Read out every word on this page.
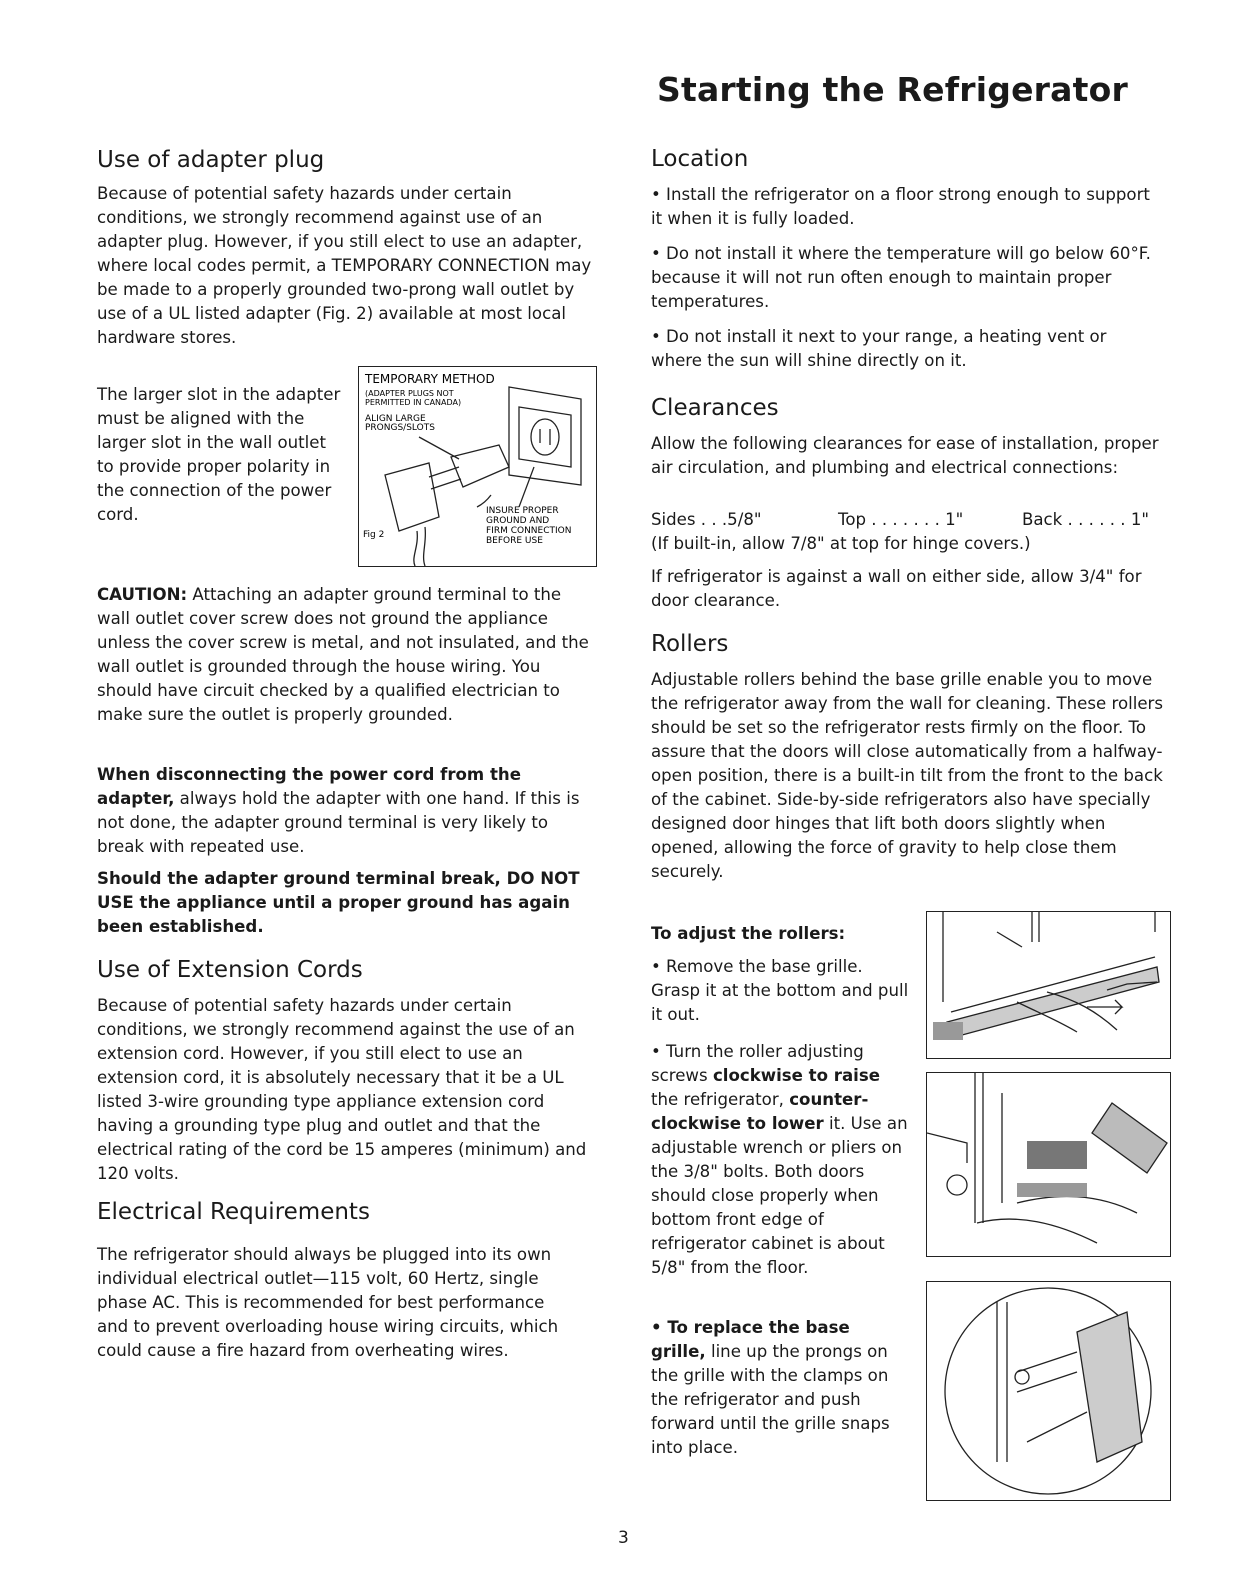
Starting the Refrigerator
Use of adapter plug
Because of potential safety hazards under certain conditions, we strongly recommend against use of an adapter plug. However, if you still elect to use an adapter, where local codes permit, a TEMPORARY CONNECTION may be made to a properly grounded two-prong wall outlet by use of a UL listed adapter (Fig. 2) available at most local hardware stores.
The larger slot in the adapter must be aligned with the larger slot in the wall outlet to provide proper polarity in the connection of the power cord.
TEMPORARY METHOD
(ADAPTER PLUGS NOT
PERMITTED IN CANADA)
ALIGN LARGE
PRONGS/SLOTS
INSURE PROPER
GROUND AND
FIRM CONNECTION
BEFORE USE
Fig 2
CAUTION: Attaching an adapter ground terminal to the wall outlet cover screw does not ground the appliance unless the cover screw is metal, and not insulated, and the wall outlet is grounded through the house wiring. You should have circuit checked by a qualified electrician to make sure the outlet is properly grounded.
When disconnecting the power cord from the adapter, always hold the adapter with one hand. If this is not done, the adapter ground terminal is very likely to break with repeated use.
Should the adapter ground terminal break, DO NOT USE the appliance until a proper ground has again been established.
Use of Extension Cords
Because of potential safety hazards under certain conditions, we strongly recommend against the use of an extension cord. However, if you still elect to use an extension cord, it is absolutely necessary that it be a UL listed 3-wire grounding type appliance extension cord having a grounding type plug and outlet and that the electrical rating of the cord be 15 amperes (minimum) and 120 volts.
Electrical Requirements
The refrigerator should always be plugged into its own individual electrical outlet—115 volt, 60 Hertz, single phase AC. This is recommended for best performance and to prevent overloading house wiring circuits, which could cause a fire hazard from overheating wires.
Location
• Install the refrigerator on a floor strong enough to support it when it is fully loaded.
• Do not install it where the temperature will go below 60°F. because it will not run often enough to maintain proper temperatures.
• Do not install it next to your range, a heating vent or where the sun will shine directly on it.
Clearances
Allow the following clearances for ease of installation, proper air circulation, and plumbing and electrical connections:
Sides . . .5/8"	Top . . . . . . . 1"	Back . . . . . . 1"
(If built-in, allow 7/8" at top for hinge covers.)
If refrigerator is against a wall on either side, allow 3/4" for door clearance.
Rollers
Adjustable rollers behind the base grille enable you to move the refrigerator away from the wall for cleaning. These rollers should be set so the refrigerator rests firmly on the floor. To assure that the doors will close automatically from a halfway-open position, there is a built-in tilt from the front to the back of the cabinet. Side-by-side refrigerators also have specially designed door hinges that lift both doors slightly when opened, allowing the force of gravity to help close them securely.
To adjust the rollers:
• Remove the base grille. Grasp it at the bottom and pull it out.
• Turn the roller adjusting screws clockwise to raise the refrigerator, counter-clockwise to lower it. Use an adjustable wrench or pliers on the 3/8" bolts. Both doors should close properly when bottom front edge of refrigerator cabinet is about 5/8" from the floor.
• To replace the base grille, line up the prongs on the grille with the clamps on the refrigerator and push forward until the grille snaps into place.
3
